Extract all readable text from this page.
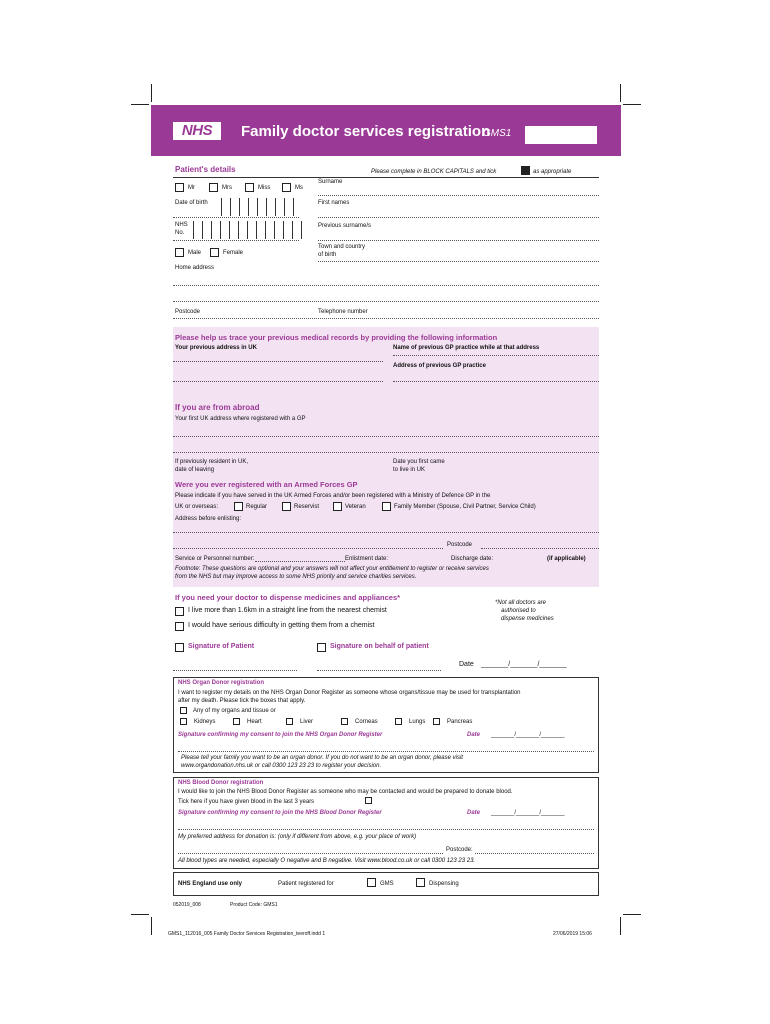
NHS	Family doctor services registration
GMS1
Patient's details	Please complete in BLOCK CAPITALS and tick	as appropriate
Mr	Mrs	Miss	Ms
Surname
Date of birth	First names
NHS
No.
Previous surname/s
Male	Female
Town and country
of birth
Home address
Postcode	Telephone number
Please help us trace your previous medical records by providing the following information
Your previous address in UK	Name of previous GP practice while at that address
Address of previous GP practice
If you are from abroad
Your first UK address where registered with a GP
If previously resident in UK,
date of leaving
Date you first came
to live in UK
Were you ever registered with an Armed Forces GP
Please indicate if you have served in the UK Armed Forces and/or been registered with a Ministry of Defence GP in the
UK or overseas:	Regular	Reservist	Veteran	Family Member (Spouse, Civil Partner, Service Child)
Address before enlisting:
Postcode
Service or Personnel number:	Enlistment date:	Discharge date:	(if applicable)
Footnote: These questions are optional and your answers will not affect your entitlement to register or receive services
from the NHS but may improve access to some NHS priority and service charities services.
If you need your doctor to dispense medicines and appliances*
I live more than 1.6km in a straight line from the nearest chemist
I would have serious difficulty in getting them from a chemist
*Not all doctors are
authorised to
dispense medicines
Signature of Patient	Signature on behalf of patient
Date _______/_______/_______
NHS Organ Donor registration
I want to register my details on the NHS Organ Donor Register as someone whose organs/tissue may be used for transplantation
after my death. Please tick the boxes that apply.
Any of my organs and tissue or
Kidneys	Heart	Liver	Corneas	Lungs	Pancreas
Signature confirming my consent to join the NHS Organ Donor Register	Date _______/_______/_______
Please tell your family you want to be an organ donor. If you do not want to be an organ donor, please visit
www.organdonation.nhs.uk or call 0300 123 23 23 to register your decision.
NHS Blood Donor registration
I would like to join the NHS Blood Donor Register as someone who may be contacted and would be prepared to donate blood.
Tick here if you have given blood in the last 3 years
Signature confirming my consent to join the NHS Blood Donor Register	Date _______/_______/_______
My preferred address for donation is: (only if different from above, e.g. your place of work)
Postcode:
All blood types are needed, especially O negative and B negative. Visit www.blood.co.uk or call 0300 123 23 23.
NHS England use only	Patient registered for	GMS	Dispensing
052019_008	Product Code: GMS1
GMS1_112016_005 Family Doctor Services Registration_teeroff.indd 1	27/06/2019 15:06
